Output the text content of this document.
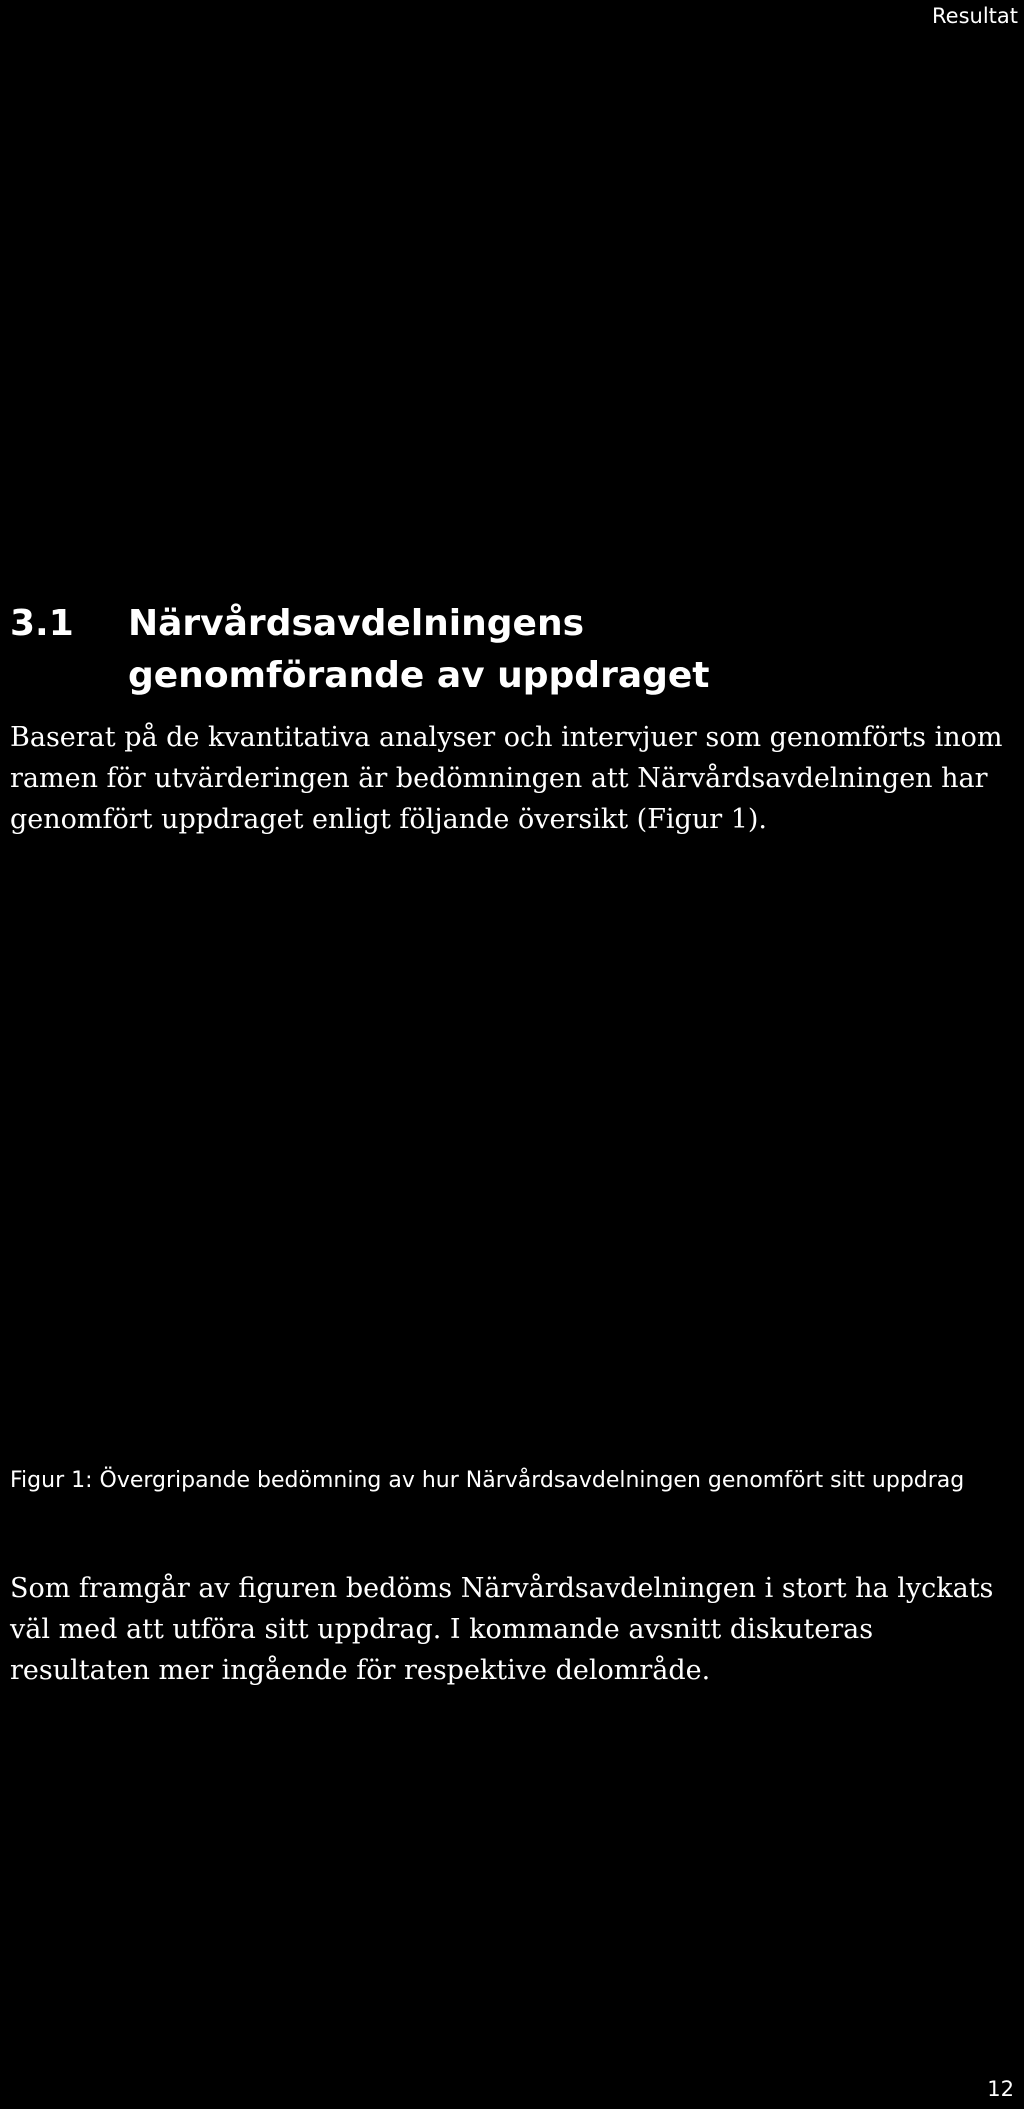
Resultat
3.1 Närvårdsavdelningens genomförande av uppdraget

Baserat på de kvantitativa analyser och intervjuer som genomförts inom ramen för utvärderingen är bedömningen att Närvårdsavdelningen har genomfört uppdraget enligt följande översikt (Figur 1).

Figur 1: Övergripande bedömning av hur Närvårdsavdelningen genomfört sitt uppdrag

Som framgår av figuren bedöms Närvårdsavdelningen i stort ha lyckats väl med att utföra sitt uppdrag. I kommande avsnitt diskuteras resultaten mer ingående för respektive delområde.

12
